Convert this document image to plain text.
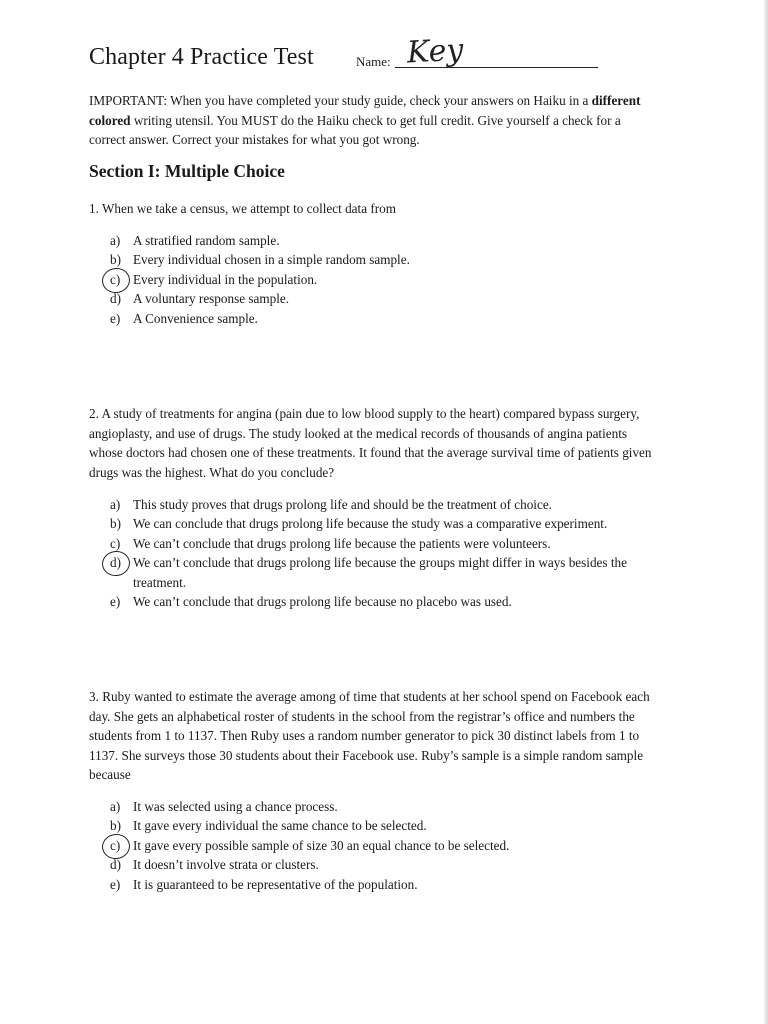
Chapter 4 Practice Test	Name: Key
IMPORTANT: When you have completed your study guide, check your answers on Haiku in a different colored writing utensil. You MUST do the Haiku check to get full credit. Give yourself a check for a correct answer. Correct your mistakes for what you got wrong.
Section I: Multiple Choice
1. When we take a census, we attempt to collect data from
a) A stratified random sample.
b) Every individual chosen in a simple random sample.
c) Every individual in the population.
d) A voluntary response sample.
e) A Convenience sample.
2. A study of treatments for angina (pain due to low blood supply to the heart) compared bypass surgery, angioplasty, and use of drugs. The study looked at the medical records of thousands of angina patients whose doctors had chosen one of these treatments. It found that the average survival time of patients given drugs was the highest. What do you conclude?
a) This study proves that drugs prolong life and should be the treatment of choice.
b) We can conclude that drugs prolong life because the study was a comparative experiment.
c) We can’t conclude that drugs prolong life because the patients were volunteers.
d) We can’t conclude that drugs prolong life because the groups might differ in ways besides the treatment.
e) We can’t conclude that drugs prolong life because no placebo was used.
3. Ruby wanted to estimate the average among of time that students at her school spend on Facebook each day. She gets an alphabetical roster of students in the school from the registrar’s office and numbers the students from 1 to 1137. Then Ruby uses a random number generator to pick 30 distinct labels from 1 to 1137. She surveys those 30 students about their Facebook use. Ruby’s sample is a simple random sample because
a) It was selected using a chance process.
b) It gave every individual the same chance to be selected.
c) It gave every possible sample of size 30 an equal chance to be selected.
d) It doesn’t involve strata or clusters.
e) It is guaranteed to be representative of the population.
